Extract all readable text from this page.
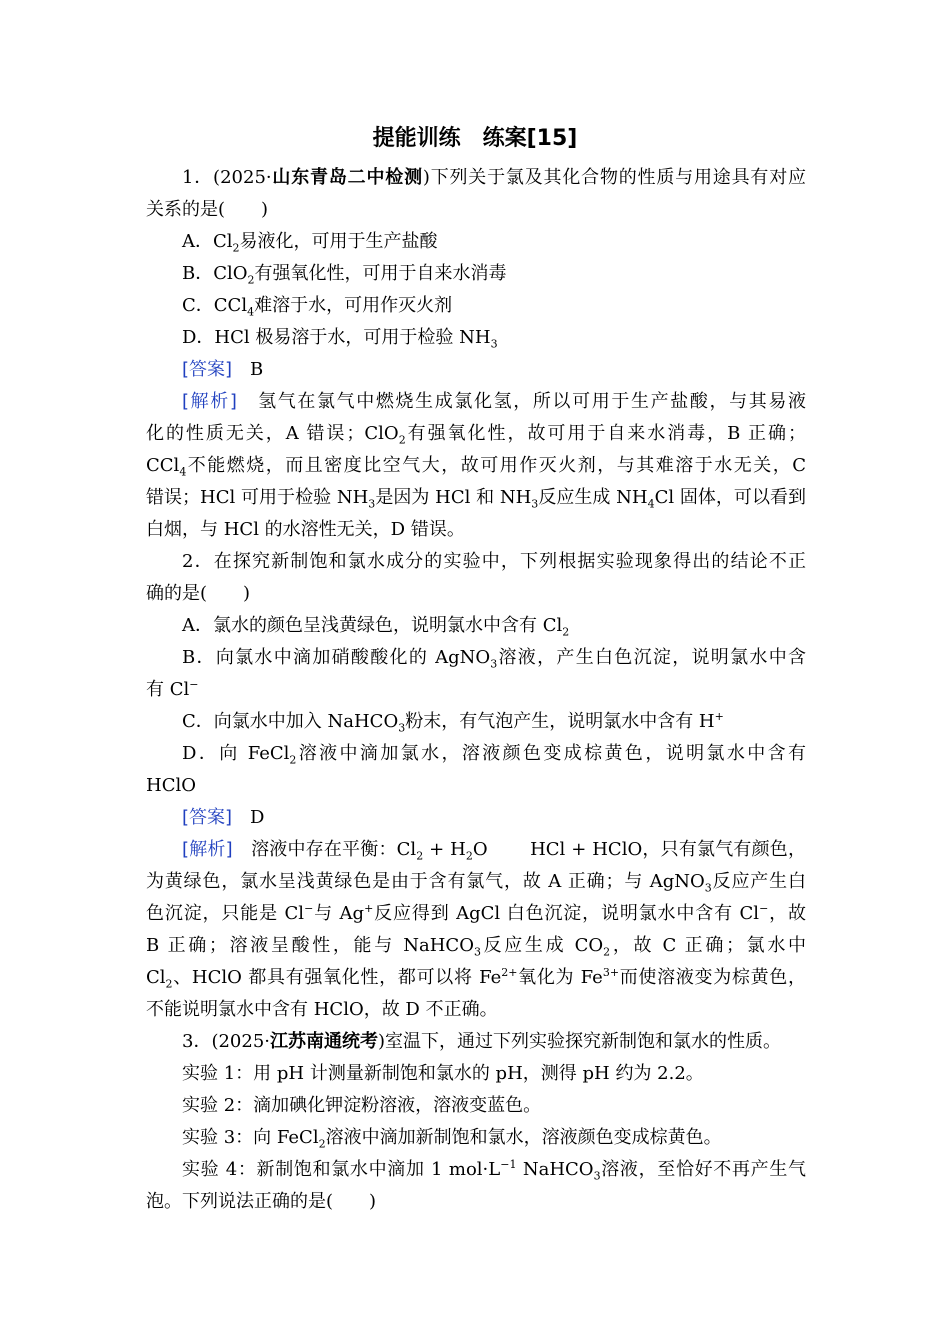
提能训练　练案[15]
1．(2025·山东青岛二中检测)下列关于氯及其化合物的性质与用途具有对应
关系的是(　　)
A．$Cl_2$易液化，可用于生产盐酸
B．ClO$_2$有强氧化性，可用于自来水消毒
C．CCl$_4$难溶于水，可用作灭火剂
D．HCl 极易溶于水，可用于检验 $NH_3$
[答案]　 B
[解析]　 氢气在氯气中燃烧生成氯化氢，所以可用于生产盐酸，与其易液
化的性质无关，A 错误；ClO$_2$有强氧化性，故可用于自来水消毒，B 正确；
CCl$_4$不能燃烧，而且密度比空气大，故可用作灭火剂，与其难溶于水无关，C
错误；HCl 可用于检验 $NH_3$是因为 HCl 和 $NH_3$反应生成 $NH_4Cl$ 固体，可以看到
白烟，与 HCl 的水溶性无关，D 错误。
2．在探究新制饱和氯水成分的实验中，下列根据实验现象得出的结论不正
确的是(　　)
A．氯水的颜色呈浅黄绿色，说明氯水中含有 $Cl_2$
B．向氯水中滴加硝酸酸化的 AgNO$_3$溶液，产生白色沉淀，说明氯水中含
有 Cl−
C．向氯水中加入 NaHCO$_3$粉末，有气泡产生，说明氯水中含有 H+
D．向 FeCl$_2$溶液中滴加氯水，溶液颜色变成棕黄色，说明氯水中含有
HClO
[答案]　 D
[解析]　 溶液中存在平衡：$Cl_2 + H_2O$　　 HCl + HClO，只有氯气有颜色，
为黄绿色，氯水呈浅黄绿色是由于含有氯气，故 A 正确；与 AgNO$_3$反应产生白
色沉淀，只能是 Cl−与 Ag+反应得到 AgCl 白色沉淀，说明氯水中含有 Cl−，故
B 正确；溶液呈酸性，能与 NaHCO$_3$反应生成 $CO_2$，故 C 正确；氯水中
$Cl_2$、HClO 都具有强氧化性，都可以将 $Fe^{2+}$氧化为 $Fe^{3+}$而使溶液变为棕黄色，
不能说明氯水中含有 HClO，故 D 不正确。
3．(2025·江苏南通统考)室温下，通过下列实验探究新制饱和氯水的性质。
实验 1：用 pH 计测量新制饱和氯水的 pH，测得 pH 约为 2.2。
实验 2：滴加碘化钾淀粉溶液，溶液变蓝色。
实验 3：向 FeCl$_2$溶液中滴加新制饱和氯水，溶液颜色变成棕黄色。
实验 4：新制饱和氯水中滴加 1 $mol\cdot L^{-1}$ NaHCO$_3$溶液，至恰好不再产生气
泡。下列说法正确的是(　　)
